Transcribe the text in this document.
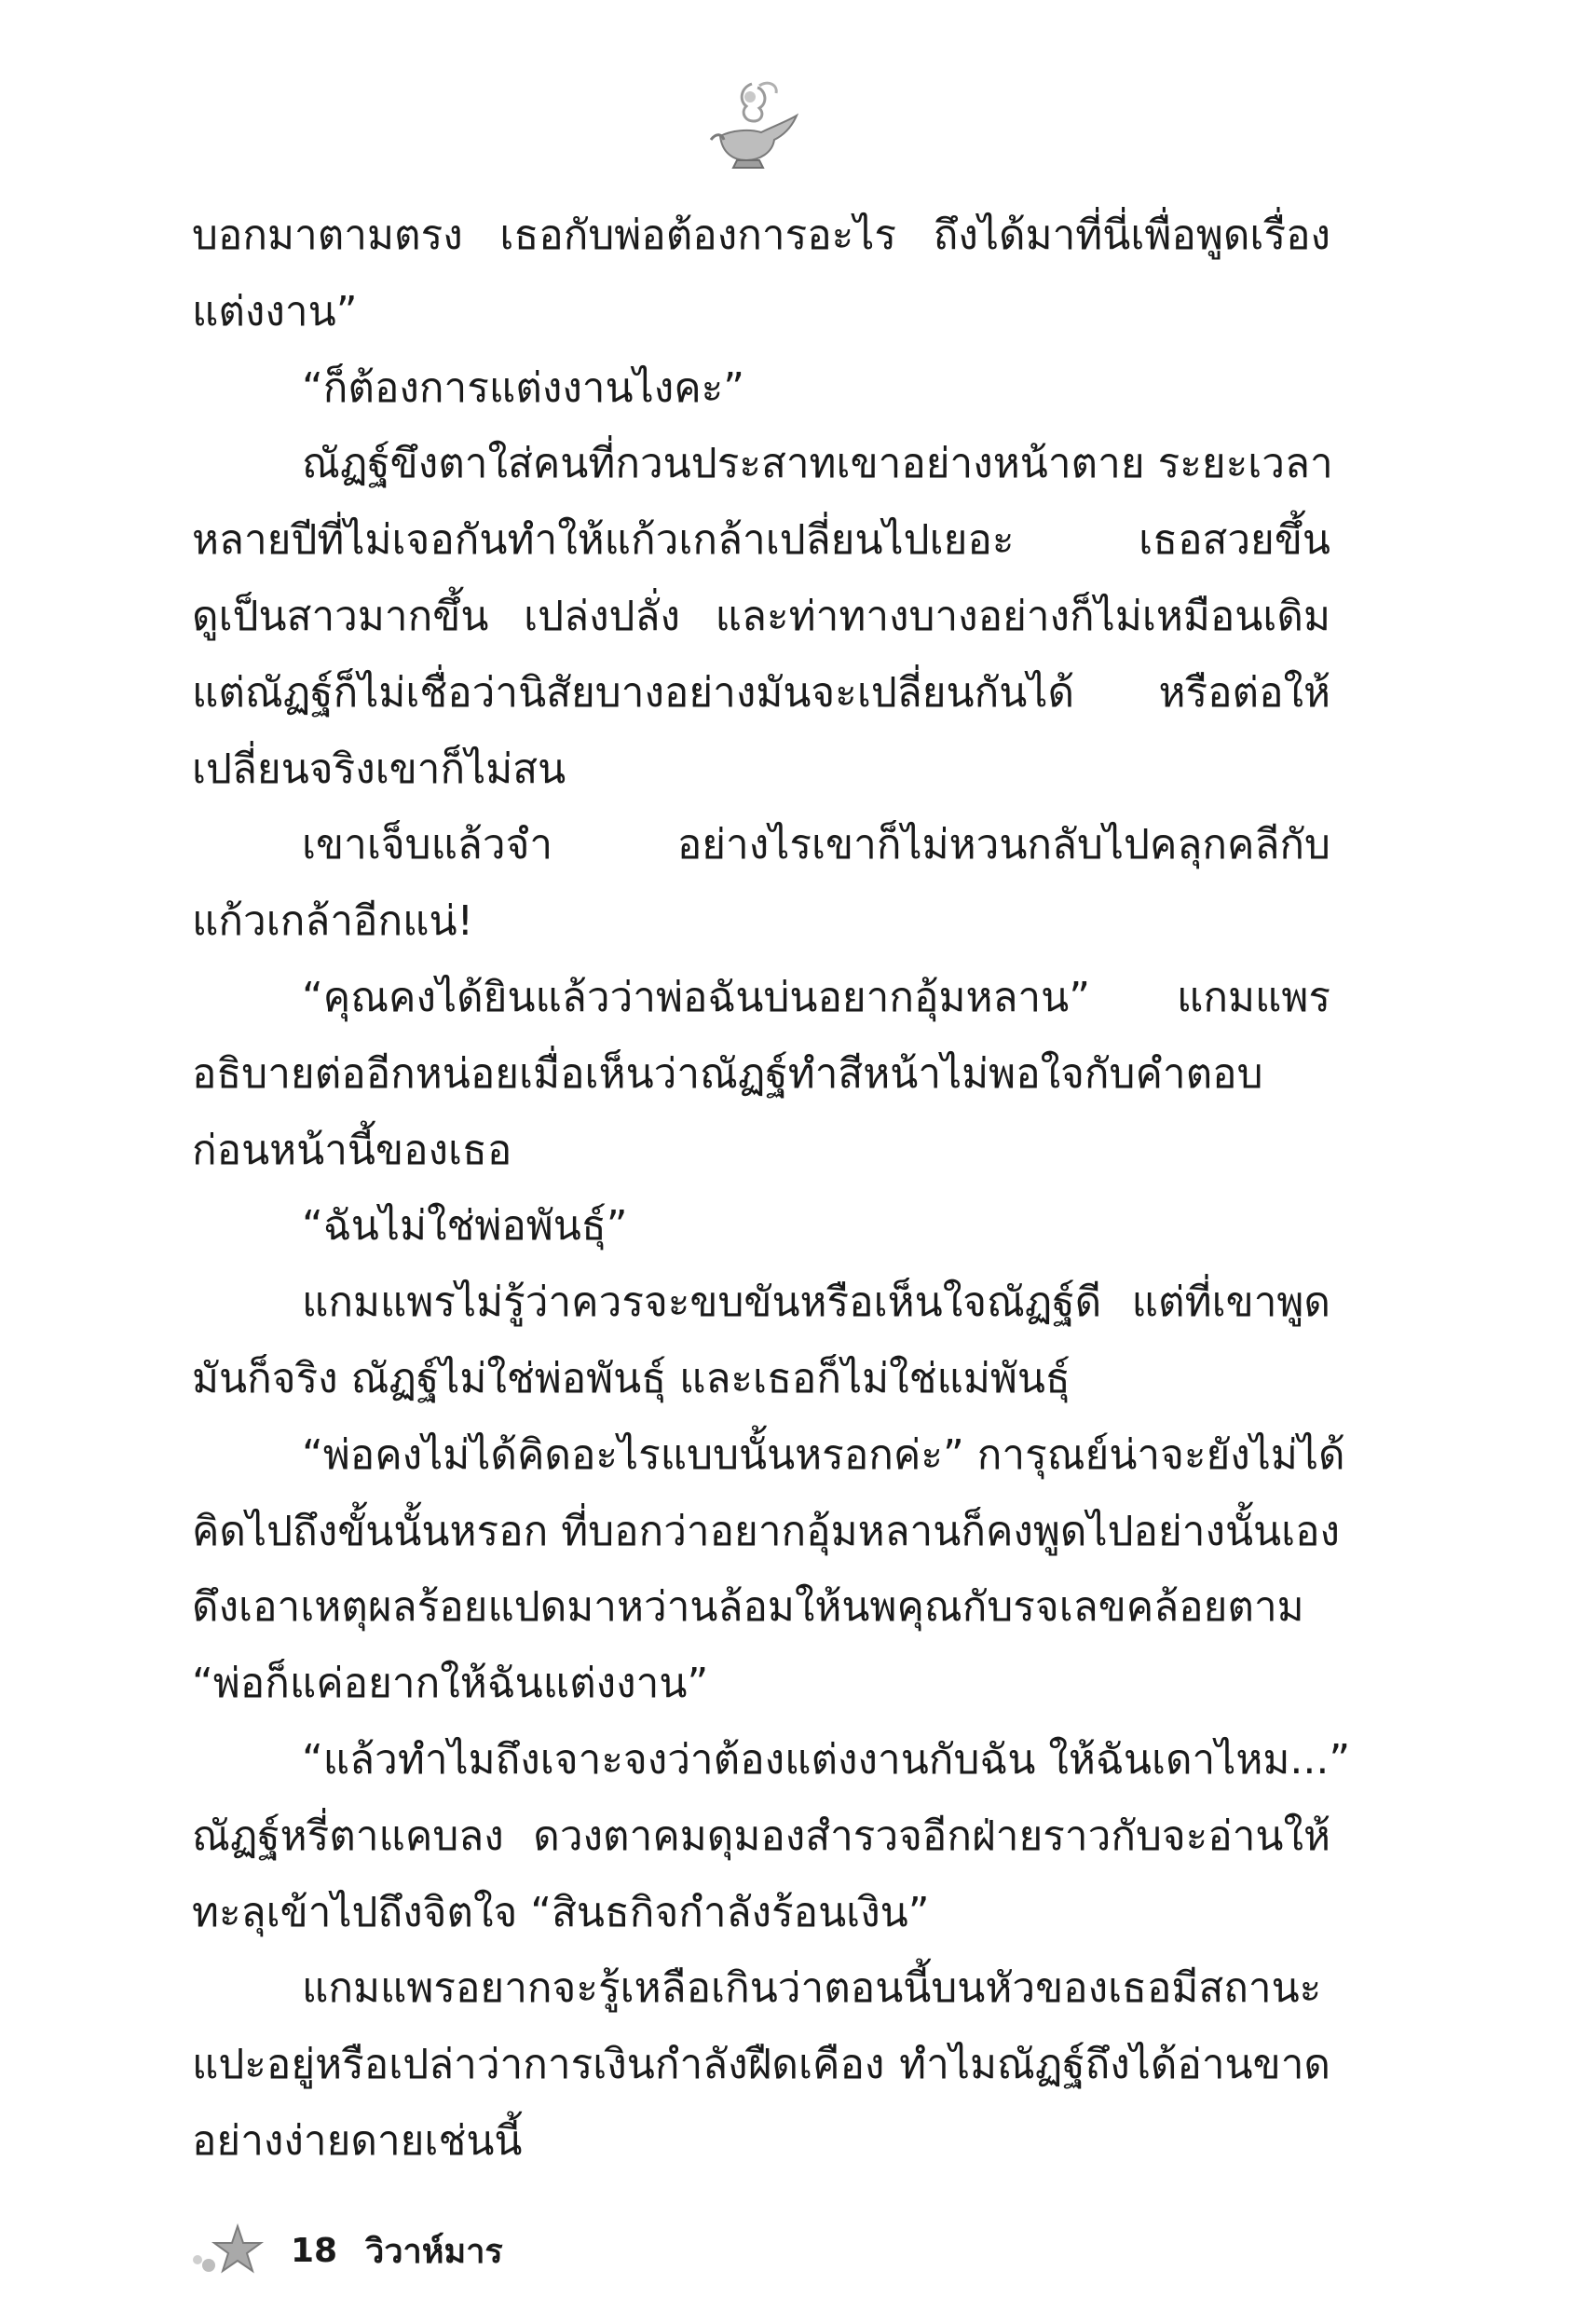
บอกมาตามตรง เธอกับพ่อต้องการอะไร ถึงได้มาที่นี่เพื่อพูดเรื่อง
แต่งงาน”
“ก็ต้องการแต่งงานไงคะ”
ณัฏฐ์ขึงตาใส่คนที่กวนประสาทเขาอย่างหน้าตาย ระยะเวลา
หลายปีที่ไม่เจอกันทำให้แก้วเกล้าเปลี่ยนไปเยอะ เธอสวยขึ้น
ดูเป็นสาวมากขึ้น เปล่งปลั่ง และท่าทางบางอย่างก็ไม่เหมือนเดิม
แต่ณัฏฐ์ก็ไม่เชื่อว่านิสัยบางอย่างมันจะเปลี่ยนกันได้ หรือต่อให้
เปลี่ยนจริงเขาก็ไม่สน
เขาเจ็บแล้วจำ อย่างไรเขาก็ไม่หวนกลับไปคลุกคลีกับ
แก้วเกล้าอีกแน่!
“คุณคงได้ยินแล้วว่าพ่อฉันบ่นอยากอุ้มหลาน” แกมแพร
อธิบายต่ออีกหน่อยเมื่อเห็นว่าณัฏฐ์ทำสีหน้าไม่พอใจกับคำตอบ
ก่อนหน้านี้ของเธอ
“ฉันไม่ใช่พ่อพันธุ์”
แกมแพรไม่รู้ว่าควรจะขบขันหรือเห็นใจณัฏฐ์ดี แต่ที่เขาพูด
มันก็จริง ณัฏฐ์ไม่ใช่พ่อพันธุ์ และเธอก็ไม่ใช่แม่พันธุ์
“พ่อคงไม่ได้คิดอะไรแบบนั้นหรอกค่ะ” การุณย์น่าจะยังไม่ได้
คิดไปถึงขั้นนั้นหรอก ที่บอกว่าอยากอุ้มหลานก็คงพูดไปอย่างนั้นเอง
ดึงเอาเหตุผลร้อยแปดมาหว่านล้อมให้นพคุณกับรจเลขคล้อยตาม
“พ่อก็แค่อยากให้ฉันแต่งงาน”
“แล้วทำไมถึงเจาะจงว่าต้องแต่งงานกับฉัน ให้ฉันเดาไหม...”
ณัฏฐ์หรี่ตาแคบลง ดวงตาคมดุมองสำรวจอีกฝ่ายราวกับจะอ่านให้
ทะลุเข้าไปถึงจิตใจ “สินธกิจกำลังร้อนเงิน”
แกมแพรอยากจะรู้เหลือเกินว่าตอนนี้บนหัวของเธอมีสถานะ
แปะอยู่หรือเปล่าว่าการเงินกำลังฝืดเคือง ทำไมณัฏฐ์ถึงได้อ่านขาด
อย่างง่ายดายเช่นนี้
18 วิวาห์มาร
